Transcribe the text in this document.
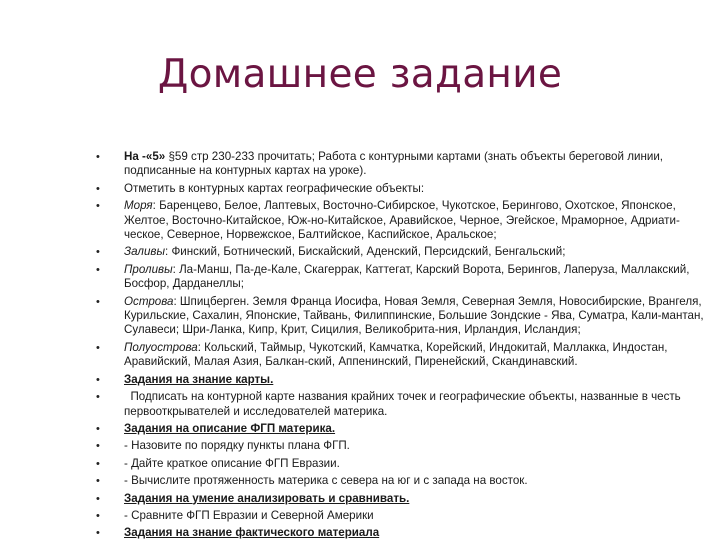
Домашнее задание
• На -«5» §59 стр 230-233 прочитать; Работа с контурными картами (знать объекты береговой линии, подписанные на контурных картах на уроке).
• Отметить в контурных картах географические объекты:
• Моря: Баренцево, Белое, Лаптевых, Восточно-Сибирское, Чукотское, Берингово, Охотское, Японское, Желтое, Восточно-Китайское, Юж-но-Китайское, Аравийское, Черное, Эгейское, Мраморное, Адриати-ческое, Северное, Норвежское, Балтийское, Каспийское, Аральское;
• Заливы: Финский, Ботнический, Бискайский, Аденский, Персидский, Бенгальский;
• Проливы: Ла-Манш, Па-де-Кале, Скагеррак, Каттегат, Карский Ворота, Берингов, Лаперуза, Маллакский, Босфор, Дарданеллы;
• Острова: Шпицберген. Земля Франца Иосифа, Новая Земля, Северная Земля, Новосибирские, Врангеля, Курильские, Сахалин, Японские, Тайвань, Филиппинские, Большие Зондские - Ява, Суматра, Кали-мантан, Сулавеси; Шри-Ланка, Кипр, Крит, Сицилия, Великобрита-ния, Ирландия, Исландия;
• Полуострова: Кольский, Таймыр, Чукотский, Камчатка, Корейский, Индокитай, Маллакка, Индостан, Аравийский, Малая Азия, Балкан-ский, Аппенинский, Пиренейский, Скандинавский.
• Задания на знание карты.
•   Подписать на контурной карте названия крайних точек и географические объекты, названные в честь первооткрывателей и исследователей материка.
• Задания на описание ФГП материка.
• - Назовите по порядку пункты плана ФГП.
• - Дайте краткое описание ФГП Евразии.
• - Вычислите протяженность материка с севера на юг и с запада на восток.
• Задания на умение анализировать и сравнивать.
• - Сравните ФГП Евразии и Северной Америки
• Задания на знание фактического материала
